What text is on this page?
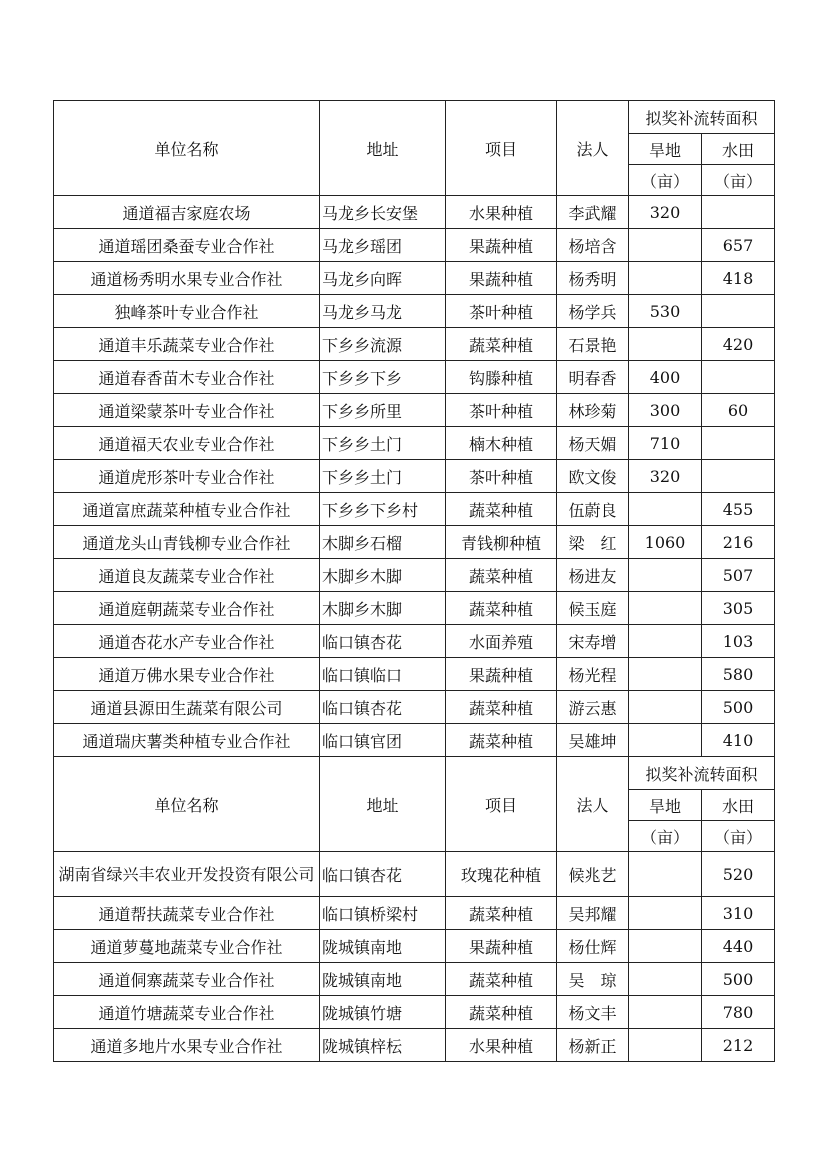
单位名称	地址	项目	法人	拟奖补流转面积	
				旱地	水田
				（亩）	（亩）
通道福吉家庭农场	马龙乡长安堡	水果种植	李武耀	320	
通道瑶团桑蚕专业合作社	马龙乡瑶团	果蔬种植	杨培含		657
通道杨秀明水果专业合作社	马龙乡向晖	果蔬种植	杨秀明		418
独峰茶叶专业合作社	马龙乡马龙	茶叶种植	杨学兵	530	
通道丰乐蔬菜专业合作社	下乡乡流源	蔬菜种植	石景艳		420
通道春香苗木专业合作社	下乡乡下乡	钩滕种植	明春香	400	
通道梁蒙茶叶专业合作社	下乡乡所里	茶叶种植	林珍菊	300	60
通道福天农业专业合作社	下乡乡土门	楠木种植	杨天媚	710	
通道虎形茶叶专业合作社	下乡乡土门	茶叶种植	欧文俊	320	
通道富庶蔬菜种植专业合作社	下乡乡下乡村	蔬菜种植	伍蔚良		455
通道龙头山青钱柳专业合作社	木脚乡石榴	青钱柳种植	梁　红	1060	216
通道良友蔬菜专业合作社	木脚乡木脚	蔬菜种植	杨进友		507
通道庭朝蔬菜专业合作社	木脚乡木脚	蔬菜种植	候玉庭		305
通道杏花水产专业合作社	临口镇杏花	水面养殖	宋寿增		103
通道万佛水果专业合作社	临口镇临口	果蔬种植	杨光程		580
通道县源田生蔬菜有限公司	临口镇杏花	蔬菜种植	游云惠		500
通道瑞庆薯类种植专业合作社	临口镇官团	蔬菜种植	吴雄坤		410
单位名称	地址	项目	法人	拟奖补流转面积	
				旱地	水田
				（亩）	（亩）

湖南省绿兴丰农业开发投资有限公司	临口镇杏花	玫瑰花种植	候兆艺		520
通道帮扶蔬菜专业合作社	临口镇桥梁村	蔬菜种植	吴邦耀		310
通道萝蔓地蔬菜专业合作社	陇城镇南地	果蔬种植	杨仕辉		440
通道侗寨蔬菜专业合作社	陇城镇南地	蔬菜种植	吴　琼		500
通道竹塘蔬菜专业合作社	陇城镇竹塘	蔬菜种植	杨文丰		780
通道多地片水果专业合作社	陇城镇梓枟	水果种植	杨新正		212
